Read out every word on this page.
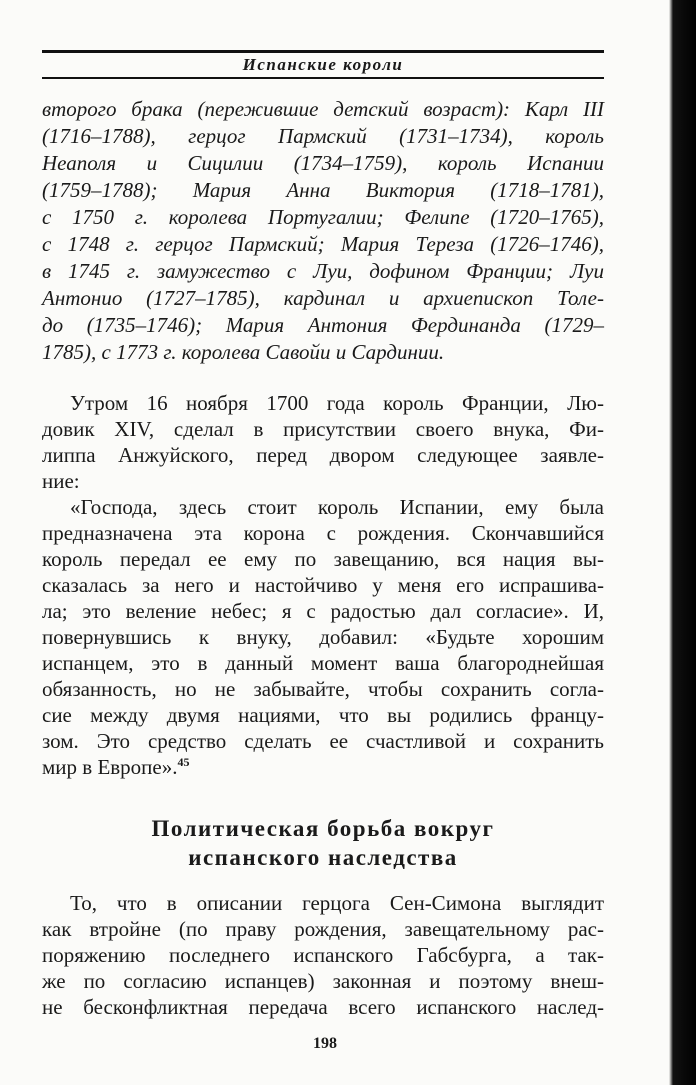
Испанские короли
второго брака (пережившие детский возраст): Карл III
(1716–1788), герцог Пармский (1731–1734), король
Неаполя и Сицилии (1734–1759), король Испании
(1759–1788); Мария Анна Виктория (1718–1781),
с 1750 г. королева Португалии; Фелипе (1720–1765),
с 1748 г. герцог Пармский; Мария Тереза (1726–1746),
в 1745 г. замужество с Луи, дофином Франции; Луи
Антонио (1727–1785), кардинал и архиепископ Толе-
до (1735–1746); Мария Антония Фердинанда (1729–
1785), с 1773 г. королева Савойи и Сардинии.
Утром 16 ноября 1700 года король Франции, Лю-
довик XIV, сделал в присутствии своего внука, Фи-
липпа Анжуйского, перед двором следующее заявле-
ние:
«Господа, здесь стоит король Испании, ему была
предназначена эта корона с рождения. Скончавшийся
король передал ее ему по завещанию, вся нация вы-
сказалась за него и настойчиво у меня его испрашива-
ла; это веление небес; я с радостью дал согласие». И,
повернувшись к внуку, добавил: «Будьте хорошим
испанцем, это в данный момент ваша благороднейшая
обязанность, но не забывайте, чтобы сохранить согла-
сие между двумя нациями, что вы родились францу-
зом. Это средство сделать ее счастливой и сохранить
мир в Европе».$^{45}$
Политическая борьба вокруг
испанского наследства
То, что в описании герцога Сен-Симона выглядит
как втройне (по праву рождения, завещательному рас-
поряжению последнего испанского Габсбурга, а так-
же по согласию испанцев) законная и поэтому внеш-
не бесконфликтная передача всего испанского наслед-
198
